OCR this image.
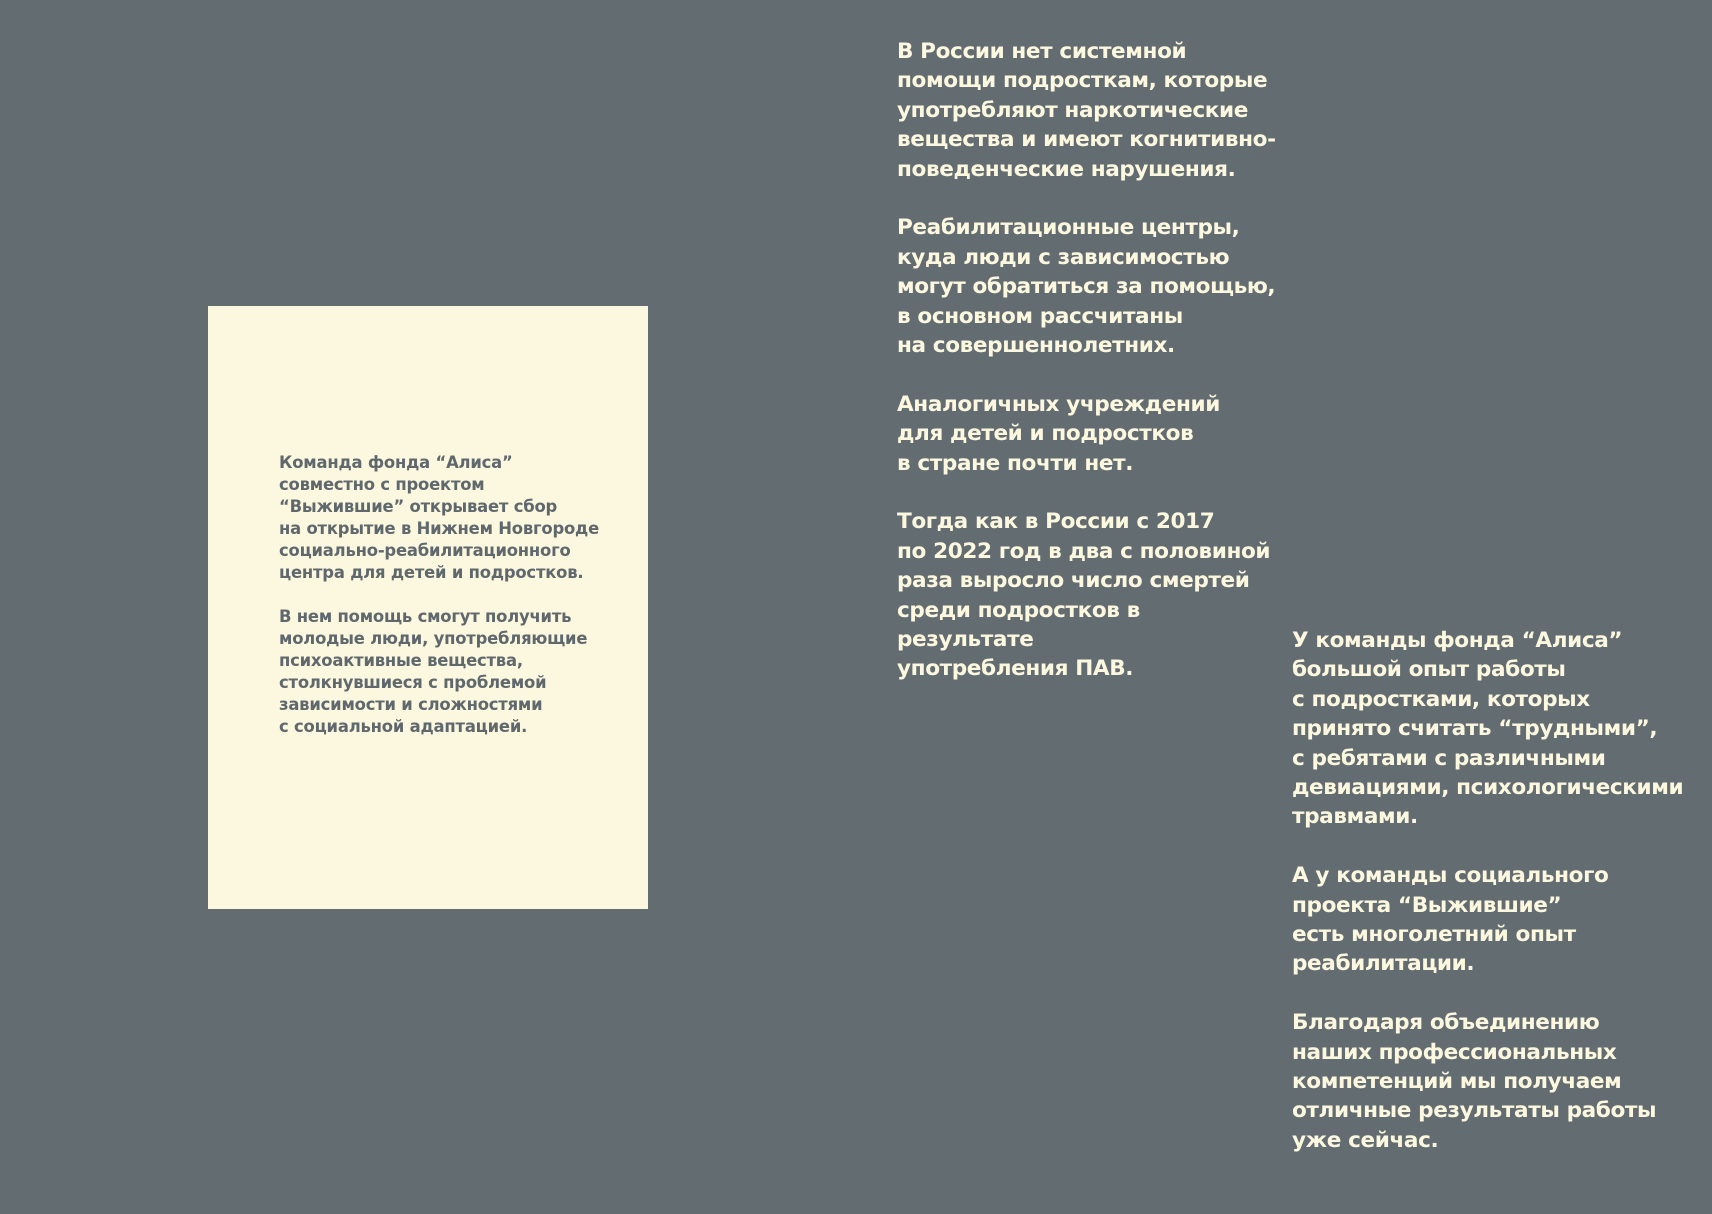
Команда фонда “Алиса”
совместно с проектом
“Выжившие” открывает сбор
на открытие в Нижнем Новгороде
социально-реабилитационного
центра для детей и подростков.

В нем помощь смогут получить
молодые люди, употребляющие
психоактивные вещества,
столкнувшиеся с проблемой
зависимости и сложностями
с социальной адаптацией.

В России нет системной
помощи подросткам, которые
употребляют наркотические
вещества и имеют когнитивно-
поведенческие нарушения.

Реабилитационные центры,
куда люди с зависимостью
могут обратиться за помощью,
в основном рассчитаны
на совершеннолетних.

Аналогичных учреждений
для детей и подростков
в стране почти нет.

Тогда как в России с 2017
по 2022 год в два с половиной
раза выросло число смертей
среди подростков в результате
употребления ПАВ.

У команды фонда “Алиса”
большой опыт работы
с подростками, которых
принято считать “трудными”,
с ребятами с различными
девиациями, психологическими
травмами.

А у команды социального
проекта “Выжившие”
есть многолетний опыт
реабилитации.

Благодаря объединению
наших профессиональных
компетенций мы получаем
отличные результаты работы
уже сейчас.
